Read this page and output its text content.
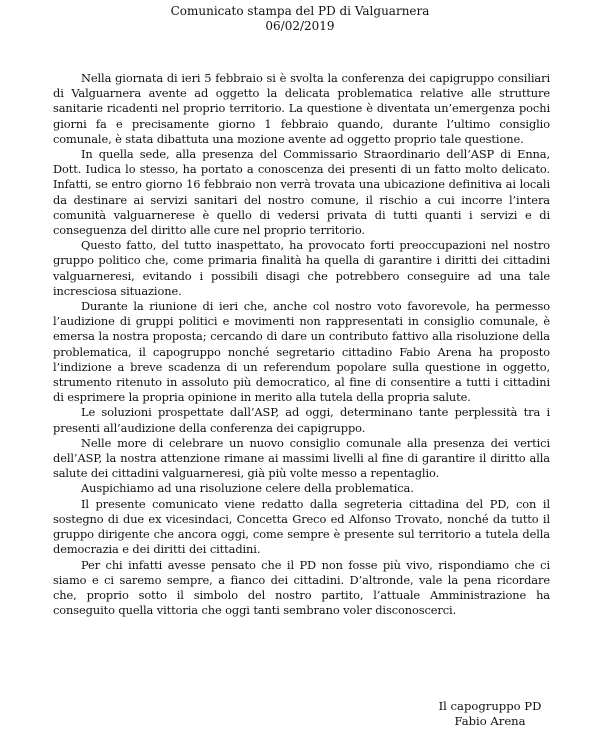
Comunicato stampa del PD di Valguarnera
06/02/2019

Nella giornata di ieri 5 febbraio si è svolta la conferenza dei capigruppo consiliari di Valguarnera avente ad oggetto la delicata problematica relative alle strutture sanitarie ricadenti nel proprio territorio. La questione è diventata un’emergenza pochi giorni fa e precisamente giorno 1 febbraio quando, durante l’ultimo consiglio comunale, è stata dibattuta una mozione avente ad oggetto proprio tale questione.

In quella sede, alla presenza del Commissario Straordinario dell’ASP di Enna, Dott. Iudica lo stesso, ha portato a conoscenza dei presenti di un fatto molto delicato. Infatti, se entro giorno 16 febbraio non verrà trovata una ubicazione definitiva ai locali da destinare ai servizi sanitari del nostro comune, il rischio a cui incorre l’intera comunità valguarnerese è quello di vedersi privata di tutti quanti i servizi e di conseguenza del diritto alle cure nel proprio territorio.

Questo fatto, del tutto inaspettato, ha provocato forti preoccupazioni nel nostro gruppo politico che, come primaria finalità ha quella di garantire i diritti dei cittadini valguarneresi, evitando i possibili disagi che potrebbero conseguire ad una tale incresciosa situazione.

Durante la riunione di ieri che, anche col nostro voto favorevole, ha permesso l’audizione di gruppi politici e movimenti non rappresentati in consiglio comunale, è emersa la nostra proposta; cercando di dare un contributo fattivo alla risoluzione della problematica, il capogruppo nonché segretario cittadino Fabio Arena ha proposto l’indizione a breve scadenza di un referendum popolare sulla questione in oggetto, strumento ritenuto in assoluto più democratico, al fine di consentire a tutti i cittadini di esprimere la propria opinione in merito alla tutela della propria salute.

Le soluzioni prospettate dall’ASP, ad oggi, determinano tante perplessità tra i presenti all’audizione della conferenza dei capigruppo.

Nelle more di celebrare un nuovo consiglio comunale alla presenza dei vertici dell’ASP, la nostra attenzione rimane ai massimi livelli al fine di garantire il diritto alla salute dei cittadini valguarneresi, già più volte messo a repentaglio.

Auspichiamo ad una risoluzione celere della problematica.

Il presente comunicato viene redatto dalla segreteria cittadina del PD, con il sostegno di due ex vicesindaci, Concetta Greco ed Alfonso Trovato, nonché da tutto il gruppo dirigente che ancora oggi, come sempre è presente sul territorio a tutela della democrazia e dei diritti dei cittadini.

Per chi infatti avesse pensato che il PD non fosse più vivo, rispondiamo che ci siamo e ci saremo sempre, a fianco dei cittadini. D’altronde, vale la pena ricordare che, proprio sotto il simbolo del nostro partito, l’attuale Amministrazione ha conseguito quella vittoria che oggi tanti sembrano voler disconoscerci.

Il capogruppo PD
Fabio Arena
